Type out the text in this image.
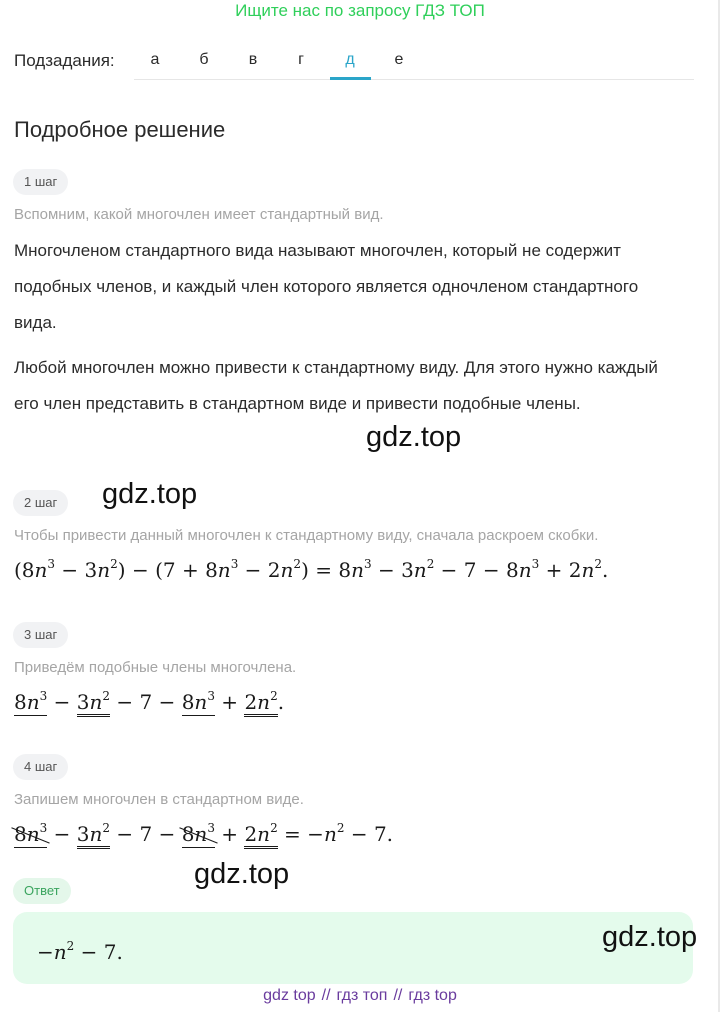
Ищите нас по запросу ГДЗ ТОП
Подзадания:	а	б	в	г	д	е
Подробное решение
1 шаг
Вспомним, какой многочлен имеет стандартный вид.

Многочленом стандартного вида называют многочлен, который не содержит подобных членов, и каждый член которого является одночленом стандартного вида.

Любой многочлен можно привести к стандартному виду. Для этого нужно каждый его член представить в стандартном виде и привести подобные члены.

2 шаг
Чтобы привести данный многочлен к стандартному виду, сначала раскроем скобки.
$(8n^3 - 3n^2) - (7 + 8n^3 - 2n^2) = 8n^3 - 3n^2 - 7 - 8n^3 + 2n^2$.
3 шаг
Приведём подобные члены многочлена.
$8n^3 - 3n^2 - 7 - 8n^3 + 2n^2$.
4 шаг
Запишем многочлен в стандартном виде.
$8n^3$
− $3n^2 - 7 - 8n^3$
+ $2n^2 = -n^2 - 7$.
Ответ
$-n^2 - 7$.
gdz.top
gdz.top
gdz.top
gdz.top
gdz top // гдз топ // гдз top
